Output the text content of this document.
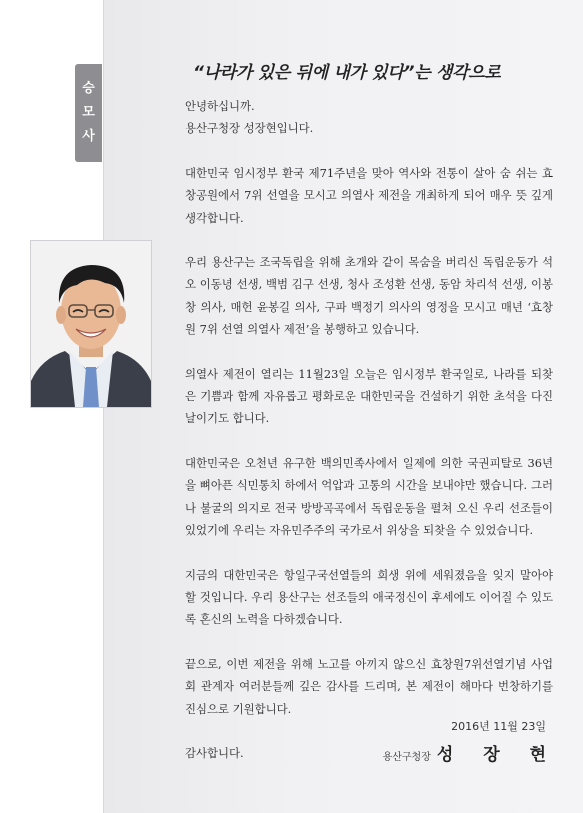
승
모
사
“나라가 있은 뒤에 내가 있다”는 생각으로

안녕하십니까.
용산구청장 성장현입니다.

대한민국 임시정부 환국 제71주년을 맞아 역사와 전통이 살아 숨 쉬는 효창공원에서 7위 선열을 모시고 의열사 제전을 개최하게 되어 매우 뜻 깊게 생각합니다.

우리 용산구는 조국독립을 위해 초개와 같이 목숨을 버리신 독립운동가 석오 이동녕 선생, 백범 김구 선생, 청사 조성환 선생, 동암 차리석 선생, 이봉창 의사, 매헌 윤봉길 의사, 구파 백정기 의사의 영정을 모시고 매년 ‘효창원 7위 선열 의열사 제전’을 봉행하고 있습니다.

의열사 제전이 열리는 11월23일 오늘은 임시정부 환국일로, 나라를 되찾은 기쁨과 함께 자유롭고 평화로운 대한민국을 건설하기 위한 초석을 다진 날이기도 합니다.

대한민국은 오천년 유구한 백의민족사에서 일제에 의한 국권피탈로 36년을 뼈아픈 식민통치 하에서 억압과 고통의 시간을 보내야만 했습니다. 그러나 불굴의 의지로 전국 방방곡곡에서 독립운동을 펼쳐 오신 우리 선조들이 있었기에 우리는 자유민주주의 국가로서 위상을 되찾을 수 있었습니다.

지금의 대한민국은 항일구국선열들의 희생 위에 세워졌음을 잊지 말아야 할 것입니다. 우리 용산구는 선조들의 애국정신이 후세에도 이어질 수 있도록 혼신의 노력을 다하겠습니다.

끝으로, 이번 제전을 위해 노고를 아끼지 않으신 효창원7위선열기념 사업회 관계자 여러분들께 깊은 감사를 드리며, 본 제전이 해마다 번창하기를 진심으로 기원합니다.

감사합니다.

2016년 11월 23일
용산구청장 성 장 현
